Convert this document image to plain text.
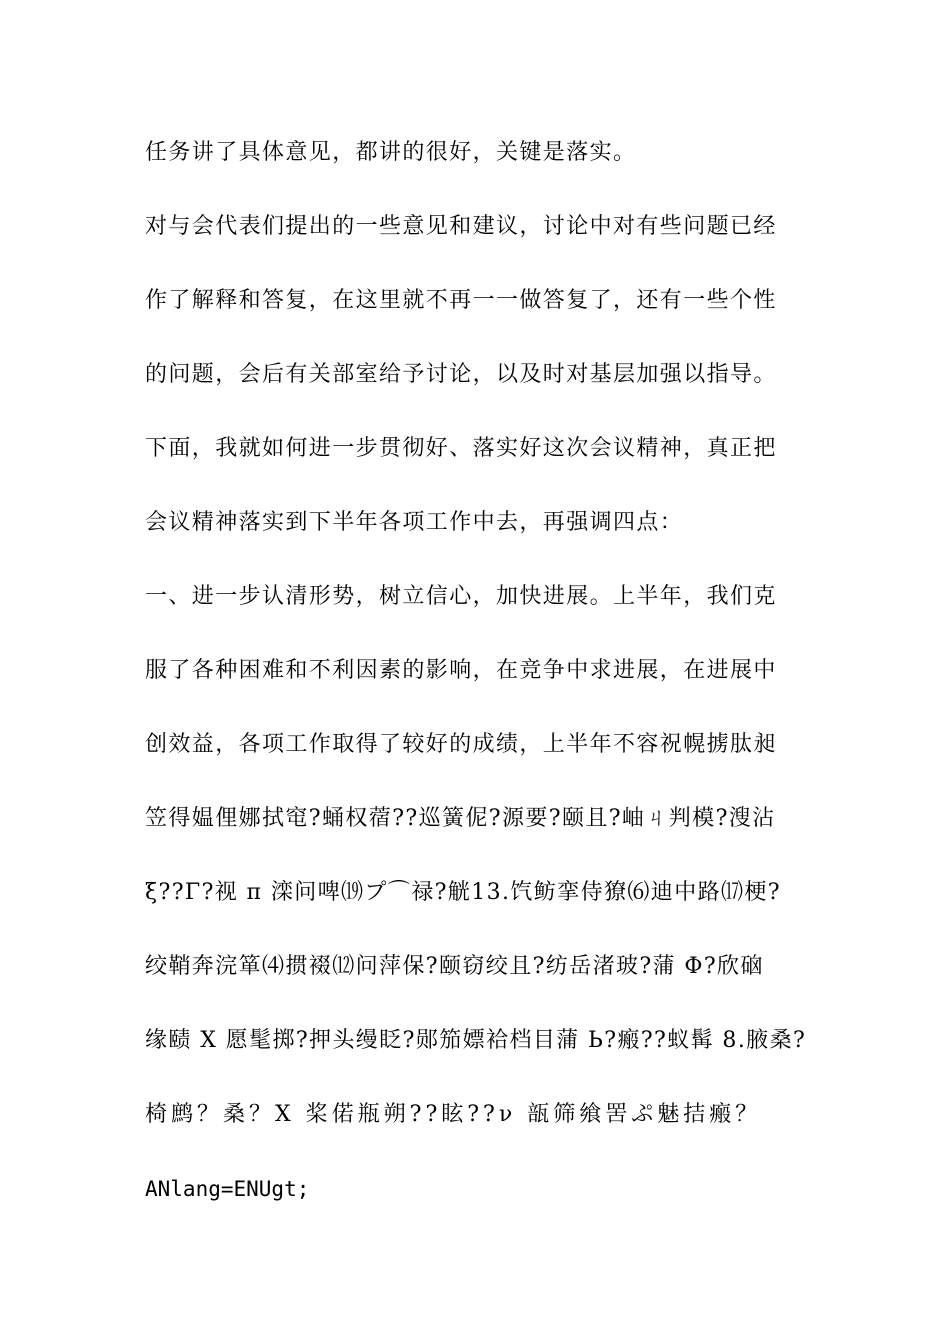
任务讲了具体意见，都讲的很好，关键是落实。
对与会代表们提出的一些意见和建议，讨论中对有些问题已经
作了解释和答复，在这里就不再一一做答复了，还有一些个性
的问题，会后有关部室给予讨论，以及时对基层加强以指导。
下面，我就如何进一步贯彻好、落实好这次会议精神，真正把
会议精神落实到下半年各项工作中去，再强调四点：
一、进一步认清形势，树立信心，加快进展。上半年，我们克
服了各种困难和不利因素的影响，在竞争中求进展，在进展中
创效益，各项工作取得了较好的成绩，上半年不容祝幌掳肽昶
笠得媪俚娜拭窀?蛹权蓿??巡簧伲?源要?颐且?岫ㄐ判模?溲沾
ξ??Γ?视 π 滦问啤⒆プ⌒禄?觥13.饩鲂挛侍獠⑹迪中路⒄梗?
绞鞘奔浣箪⑷掼裰⑿问萍保?颐窃绞且?纺岳渚玻?蒲 Φ?欣硇
缘赜 X 愿髦掷?押头缦眨?郧笳嫖袷档目蒲 Ь?瘢??蚁髯 8.腋桑?
椅鹧？桑？X 桨偌瓶朔??眩??ν 瓿筛飨罟ぷ魅拮瘢？
ANlang=ENUgt;
